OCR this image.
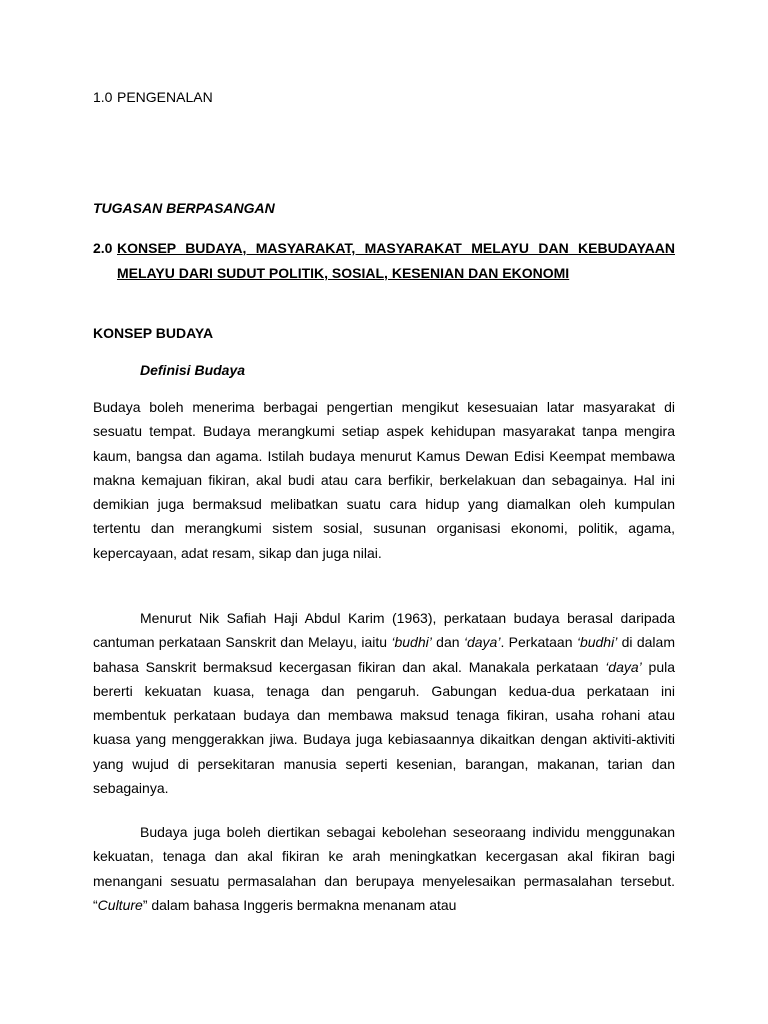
1.0 PENGENALAN
TUGASAN BERPASANGAN
2.0 KONSEP BUDAYA, MASYARAKAT, MASYARAKAT MELAYU DAN KEBUDAYAAN MELAYU DARI SUDUT POLITIK, SOSIAL, KESENIAN DAN EKONOMI
KONSEP BUDAYA
Definisi Budaya

Budaya boleh menerima berbagai pengertian mengikut kesesuaian latar masyarakat di sesuatu tempat. Budaya merangkumi setiap aspek kehidupan masyarakat tanpa mengira kaum, bangsa dan agama. Istilah budaya menurut Kamus Dewan Edisi Keempat membawa makna kemajuan fikiran, akal budi atau cara berfikir, berkelakuan dan sebagainya. Hal ini demikian juga bermaksud melibatkan suatu cara hidup yang diamalkan oleh kumpulan tertentu dan merangkumi sistem sosial, susunan organisasi ekonomi, politik, agama, kepercayaan, adat resam, sikap dan juga nilai.

Menurut Nik Safiah Haji Abdul Karim (1963), perkataan budaya berasal daripada cantuman perkataan Sanskrit dan Melayu, iaitu ‘budhi’ dan ‘daya’. Perkataan ‘budhi’ di dalam bahasa Sanskrit bermaksud kecergasan fikiran dan akal. Manakala perkataan ‘daya’ pula bererti kekuatan kuasa, tenaga dan pengaruh. Gabungan kedua-dua perkataan ini membentuk perkataan budaya dan membawa maksud tenaga fikiran, usaha rohani atau kuasa yang menggerakkan jiwa. Budaya juga kebiasaannya dikaitkan dengan aktiviti-aktiviti yang wujud di persekitaran manusia seperti kesenian, barangan, makanan, tarian dan sebagainya.

Budaya juga boleh diertikan sebagai kebolehan seseoraang individu menggunakan kekuatan, tenaga dan akal fikiran ke arah meningkatkan kecergasan akal fikiran bagi menangani sesuatu permasalahan dan berupaya menyelesaikan permasalahan tersebut. “Culture” dalam bahasa Inggeris bermakna menanam atau
